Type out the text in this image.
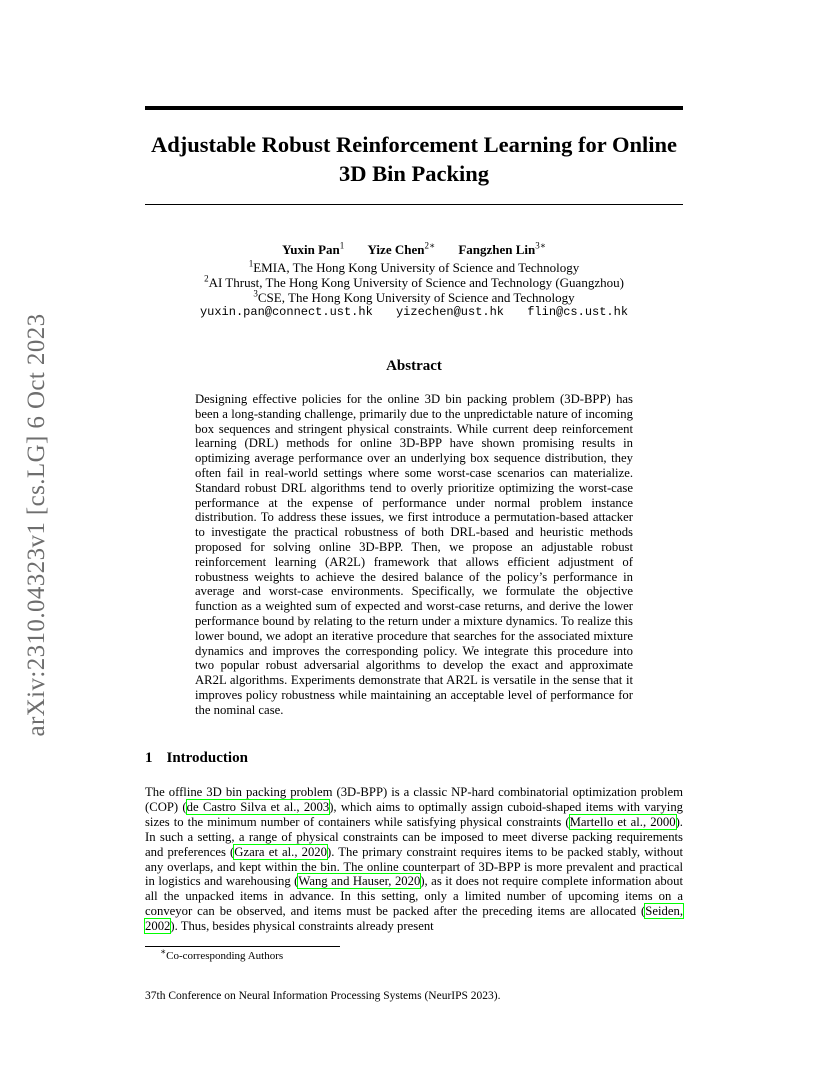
arXiv:2310.04323v1 [cs.LG] 6 Oct 2023
Adjustable Robust Reinforcement Learning for Online
3D Bin Packing
Yuxin Pan$^1$ Yize Chen$^{2∗}$ Fangzhen Lin$^{3∗}$
$^1$EMIA, The Hong Kong University of Science and Technology
$^2$AI Thrust, The Hong Kong University of Science and Technology (Guangzhou)
$^3$CSE, The Hong Kong University of Science and Technology
yuxin.pan@connect.ust.hk yizechen@ust.hk flin@cs.ust.hk
Abstract
Designing effective policies for the online 3D bin packing problem (3D-BPP) has been a long-standing challenge, primarily due to the unpredictable nature of incoming box sequences and stringent physical constraints. While current deep reinforcement learning (DRL) methods for online 3D-BPP have shown promising results in optimizing average performance over an underlying box sequence distribution, they often fail in real-world settings where some worst-case scenarios can materialize. Standard robust DRL algorithms tend to overly prioritize optimizing the worst-case performance at the expense of performance under normal problem instance distribution. To address these issues, we first introduce a permutation-based attacker to investigate the practical robustness of both DRL-based and heuristic methods proposed for solving online 3D-BPP. Then, we propose an adjustable robust reinforcement learning (AR2L) framework that allows efficient adjustment of robustness weights to achieve the desired balance of the policy’s performance in average and worst-case environments. Specifically, we formulate the objective function as a weighted sum of expected and worst-case returns, and derive the lower performance bound by relating to the return under a mixture dynamics. To realize this lower bound, we adopt an iterative procedure that searches for the associated mixture dynamics and improves the corresponding policy. We integrate this procedure into two popular robust adversarial algorithms to develop the exact and approximate AR2L algorithms. Experiments demonstrate that AR2L is versatile in the sense that it improves policy robustness while maintaining an acceptable level of performance for the nominal case.
1 Introduction
The offline 3D bin packing problem (3D-BPP) is a classic NP-hard combinatorial optimization problem (COP) (de Castro Silva et al., 2003), which aims to optimally assign cuboid-shaped items with varying sizes to the minimum number of containers while satisfying physical constraints (Martello et al., 2000). In such a setting, a range of physical constraints can be imposed to meet diverse packing requirements and preferences (Gzara et al., 2020). The primary constraint requires items to be packed stably, without any overlaps, and kept within the bin. The online counterpart of 3D-BPP is more prevalent and practical in logistics and warehousing (Wang and Hauser, 2020), as it does not require complete information about all the unpacked items in advance. In this setting, only a limited number of upcoming items on a conveyor can be observed, and items must be packed after the preceding items are allocated (Seiden, 2002). Thus, besides physical constraints already present
∗Co-corresponding Authors
37th Conference on Neural Information Processing Systems (NeurIPS 2023).
